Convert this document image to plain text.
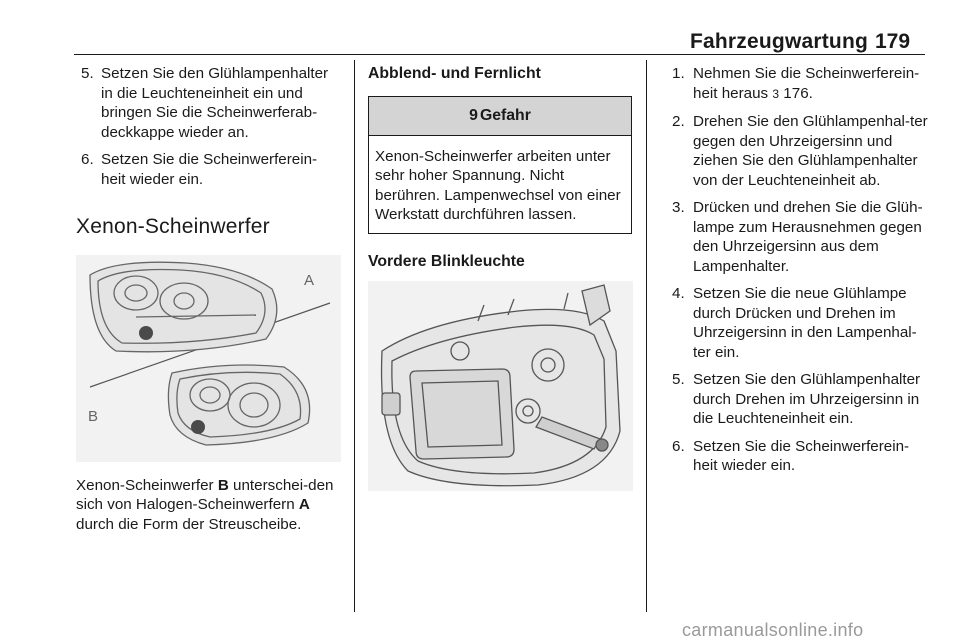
Fahrzeugwartung 179
5. Setzen Sie den Glühlampenhalter in die Leuchteneinheit ein und bringen Sie die Scheinwerferab-deckkappe wieder an.
6. Setzen Sie die Scheinwerferein-heit wieder ein.
Xenon-Scheinwerfer
A
B
Xenon-Scheinwerfer B unterschei-den sich von Halogen-Scheinwerfern A durch die Form der Streuscheibe.
Abblend- und Fernlicht
9 Gefahr
Xenon-Scheinwerfer arbeiten unter sehr hoher Spannung. Nicht berühren. Lampenwechsel von einer Werkstatt durchführen lassen.
Vordere Blinkleuchte
1. Nehmen Sie die Scheinwerferein-heit heraus 3 176.
2. Drehen Sie den Glühlampenhal-ter gegen den Uhrzeigersinn und ziehen Sie den Glühlampenhalter von der Leuchteneinheit ab.
3. Drücken und drehen Sie die Glüh-lampe zum Herausnehmen gegen den Uhrzeigersinn aus dem Lampenhalter.
4. Setzen Sie die neue Glühlampe durch Drücken und Drehen im Uhrzeigersinn in den Lampenhal-ter ein.
5. Setzen Sie den Glühlampenhalter durch Drehen im Uhrzeigersinn in die Leuchteneinheit ein.
6. Setzen Sie die Scheinwerferein-heit wieder ein.
carmanualsonline.info
